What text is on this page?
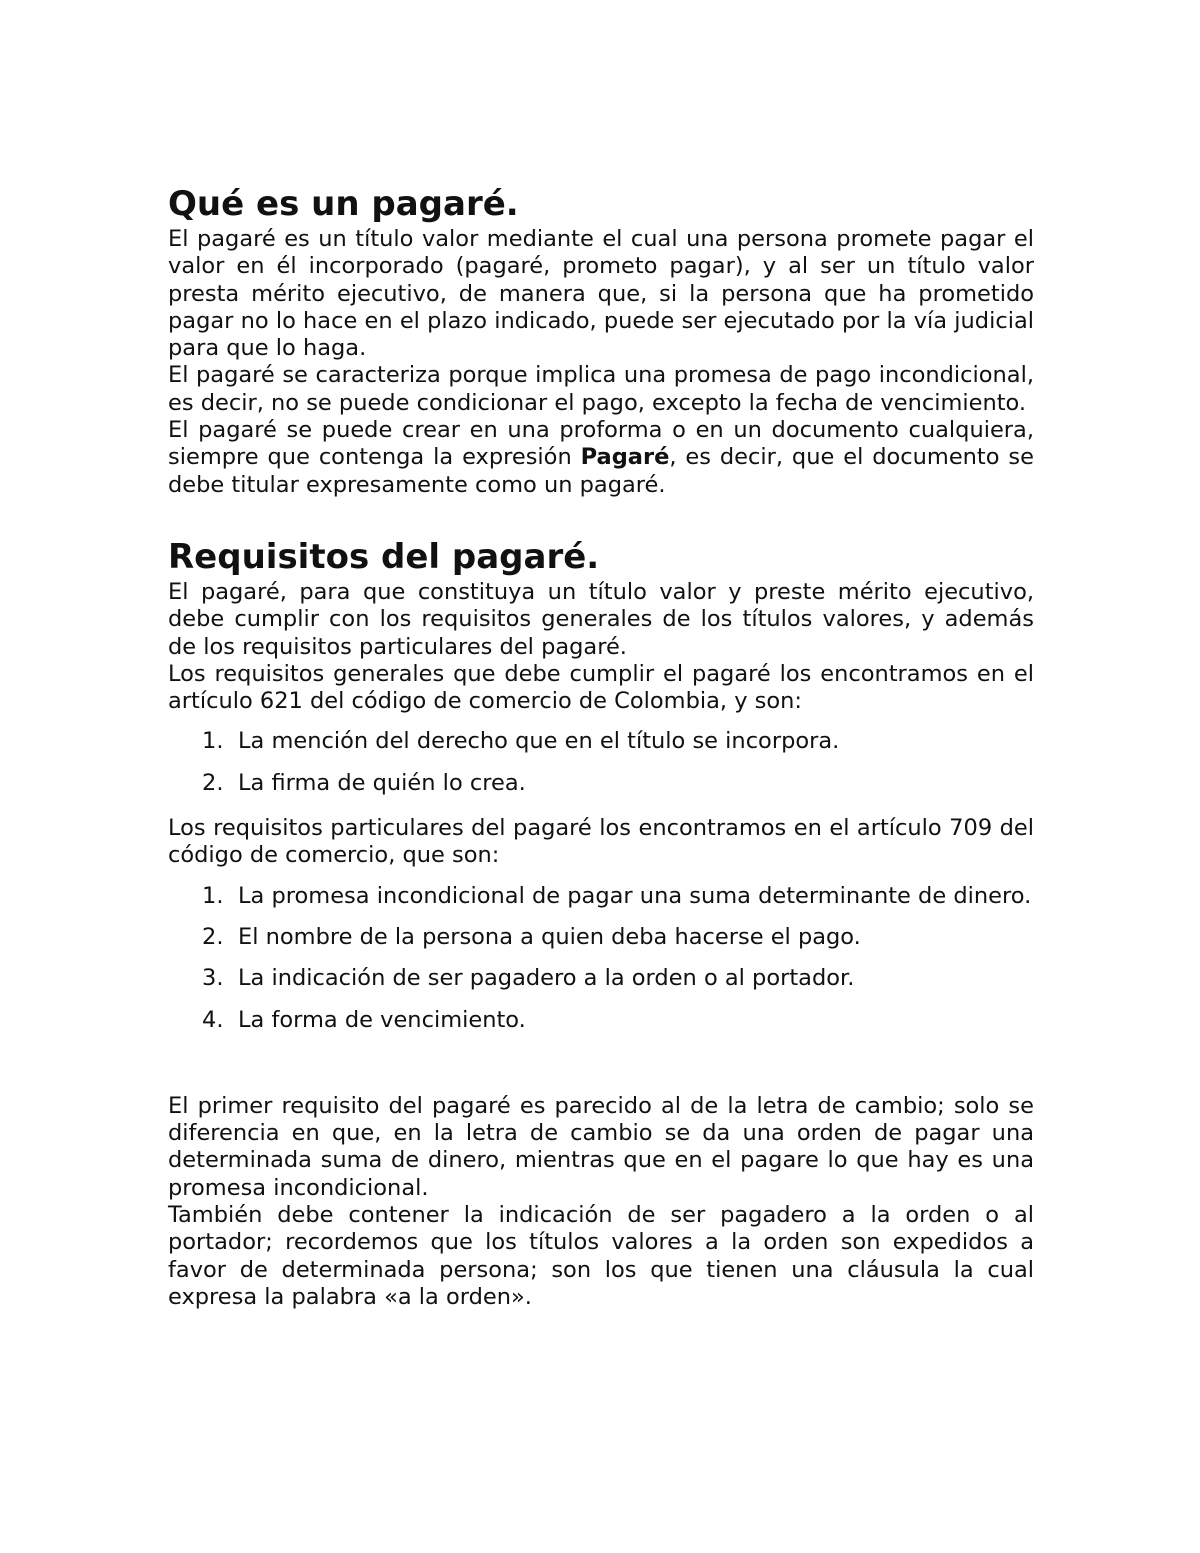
Qué es un pagaré.

El pagaré es un título valor mediante el cual una persona promete pagar el valor en él incorporado (pagaré, prometo pagar), y al ser un título valor presta mérito ejecutivo, de manera que, si la persona que ha prometido pagar no lo hace en el plazo indicado, puede ser ejecutado por la vía judicial para que lo haga.

El pagaré se caracteriza porque implica una promesa de pago incondicional, es decir, no se puede condicionar el pago, excepto la fecha de vencimiento.

El pagaré se puede crear en una proforma o en un documento cualquiera, siempre que contenga la expresión Pagaré, es decir, que el documento se debe titular expresamente como un pagaré.

Requisitos del pagaré.

El pagaré, para que constituya un título valor y preste mérito ejecutivo, debe cumplir con los requisitos generales de los títulos valores, y además de los requisitos particulares del pagaré.

Los requisitos generales que debe cumplir el pagaré los encontramos en el artículo 621 del código de comercio de Colombia, y son:

1. La mención del derecho que en el título se incorpora.
2. La firma de quién lo crea.

Los requisitos particulares del pagaré los encontramos en el artículo 709 del código de comercio, que son:

1. La promesa incondicional de pagar una suma determinante de dinero.
2. El nombre de la persona a quien deba hacerse el pago.
3. La indicación de ser pagadero a la orden o al portador.
4. La forma de vencimiento.

El primer requisito del pagaré es parecido al de la letra de cambio; solo se diferencia en que, en la letra de cambio se da una orden de pagar una determinada suma de dinero, mientras que en el pagare lo que hay es una promesa incondicional.

También debe contener la indicación de ser pagadero a la orden o al portador; recordemos que los títulos valores a la orden son expedidos a favor de determinada persona; son los que tienen una cláusula la cual expresa la palabra «a la orden».
